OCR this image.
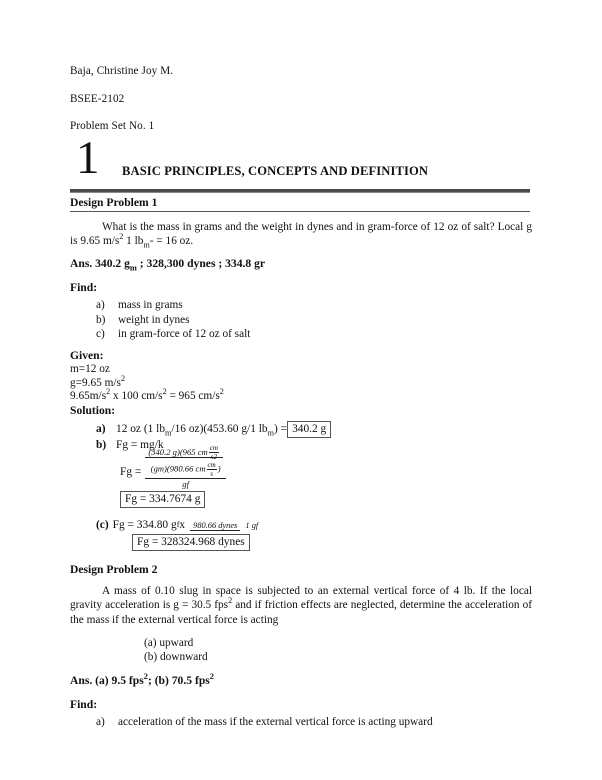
Baja, Christine Joy M.

BSEE-2102

Problem Set No. 1

1 BASIC PRINCIPLES, CONCEPTS AND DEFINITION
Design Problem 1

What is the mass in grams and the weight in dynes and in gram-force of 12 oz of salt? Local g is 9.65 $m/s^2$ 1 $lb_m- = 16$ oz.

Ans. 340.2 $g_m$ ; 328,300 dynes ; 334.8 gr
Find:
a)	mass in grams
b)	weight in dynes
c)	in gram-force of 12 oz of salt
Given:

m=12 oz

g=9.65 $m/s^2$

$9.65m/s^2$ x 100 $cm/s^2 = 965$ $cm/s^2$

Solution:
a) 12 oz (1 $lb_m/16$ oz)(453.60 g/1 $lb_m) = 340.2$ g
b) Fg = mg/k
Fg =
(340.2 g)(965 cm $\frac{cm}{s2}$
(gm)(980.66 cm $\frac{cm}{s}$ )
gf
Fg = 334.7674 g
(c) Fg = 334.80 g f x 980.66 dynes 1 gf
Fg = 328324.968 dynes
Design Problem 2

A mass of 0.10 slug in space is subjected to an external vertical force of 4 lb. If the local gravity acceleration is g = 30.5 fps$^2$ and if friction effects are neglected, determine the acceleration of the mass if the external vertical force is acting

(a) upward
(b) downward
Ans. (a) 9.5 fps$^2$; (b) 70.5 fps$^2$
Find:
a)	acceleration of the mass if the external vertical force is acting upward
